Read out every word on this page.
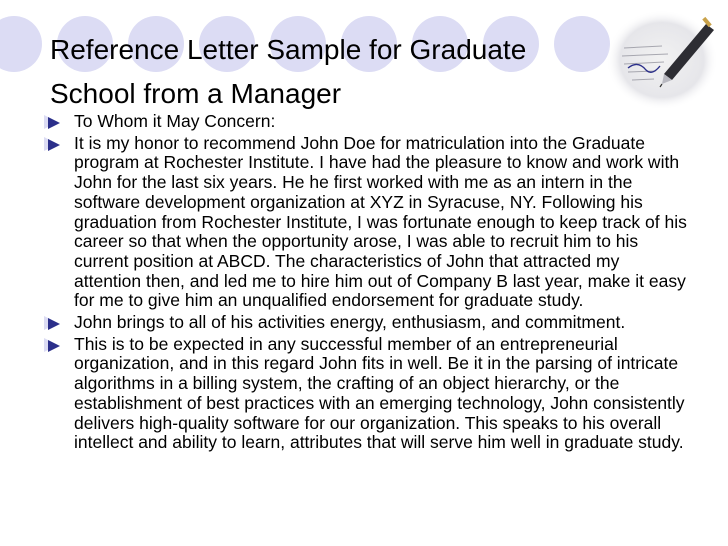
Reference Letter Sample for Graduate
School from a Manager
To Whom it May Concern:
It is my honor to recommend John Doe for matriculation into the Graduate program at Rochester Institute. I have had the pleasure to know and work with John for the last six years. He he first worked with me as an intern in the software development organization at XYZ in Syracuse, NY. Following his graduation from Rochester Institute, I was fortunate enough to keep track of his career so that when the opportunity arose, I was able to recruit him to his current position at ABCD. The characteristics of John that attracted my attention then, and led me to hire him out of Company B last year, make it easy for me to give him an unqualified endorsement for graduate study.
John brings to all of his activities energy, enthusiasm, and commitment.
This is to be expected in any successful member of an entrepreneurial organization, and in this regard John fits in well. Be it in the parsing of intricate algorithms in a billing system, the crafting of an object hierarchy, or the establishment of best practices with an emerging technology, John consistently delivers high-quality software for our organization. This speaks to his overall intellect and ability to learn, attributes that will serve him well in graduate study.
